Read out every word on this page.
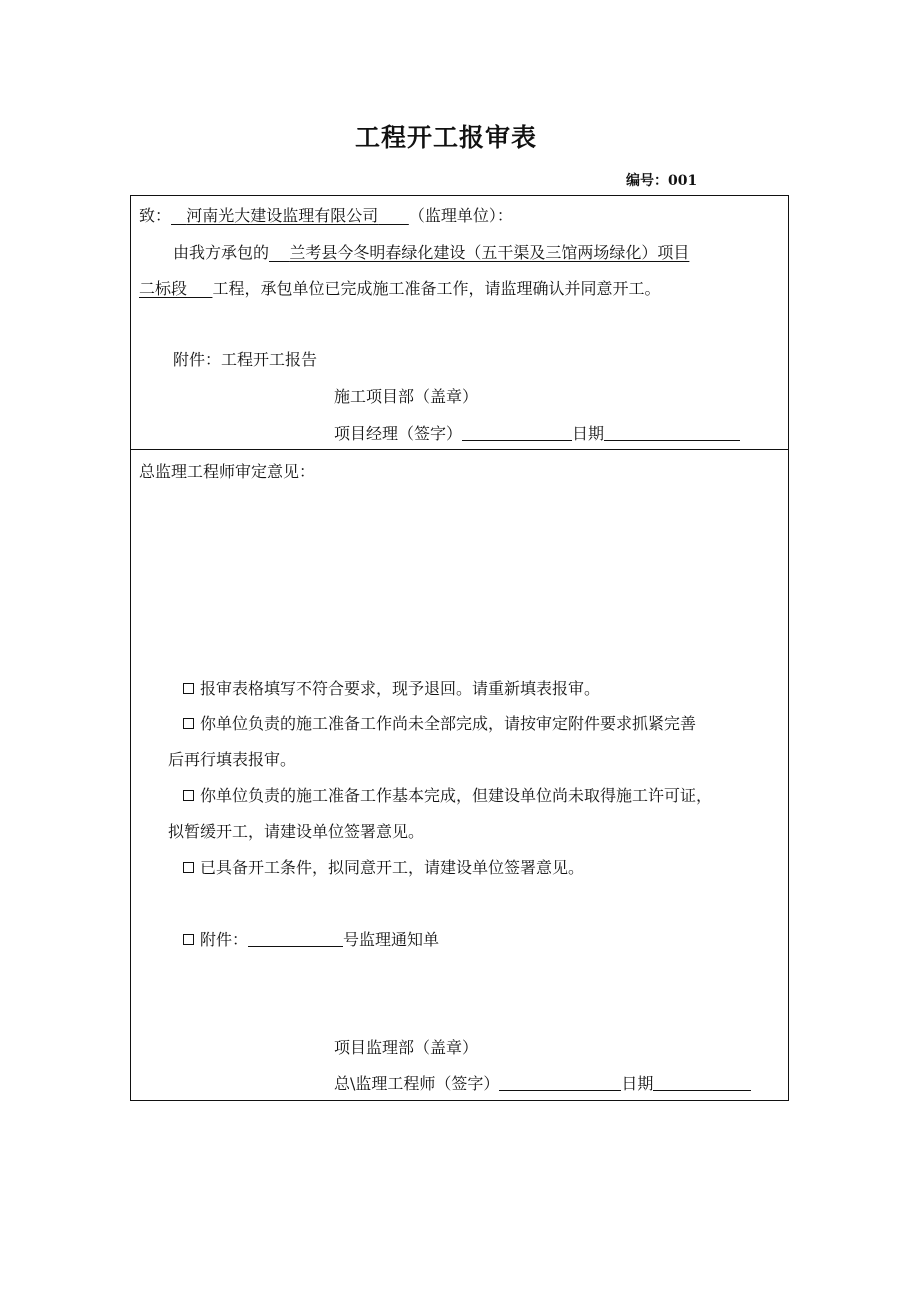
工程开工报审表
编号：001
致： 河南光大建设监理有限公司 （监理单位）：
由我方承包的 兰考县今冬明春绿化建设（五干渠及三馆两场绿化）项目
二标段 工程，承包单位已完成施工准备工作，请监理确认并同意开工。
附件：工程开工报告
施工项目部（盖章）
项目经理（签字）	日期
总监理工程师审定意见：
报审表格填写不符合要求，现予退回。请重新填表报审。
你单位负责的施工准备工作尚未全部完成，请按审定附件要求抓紧完善
后再行填表报审。
你单位负责的施工准备工作基本完成，但建设单位尚未取得施工许可证，
拟暂缓开工，请建设单位签署意见。
已具备开工条件，拟同意开工，请建设单位签署意见。
附件：	号监理通知单
项目监理部（盖章）
总\监理工程师（签字）	日期
